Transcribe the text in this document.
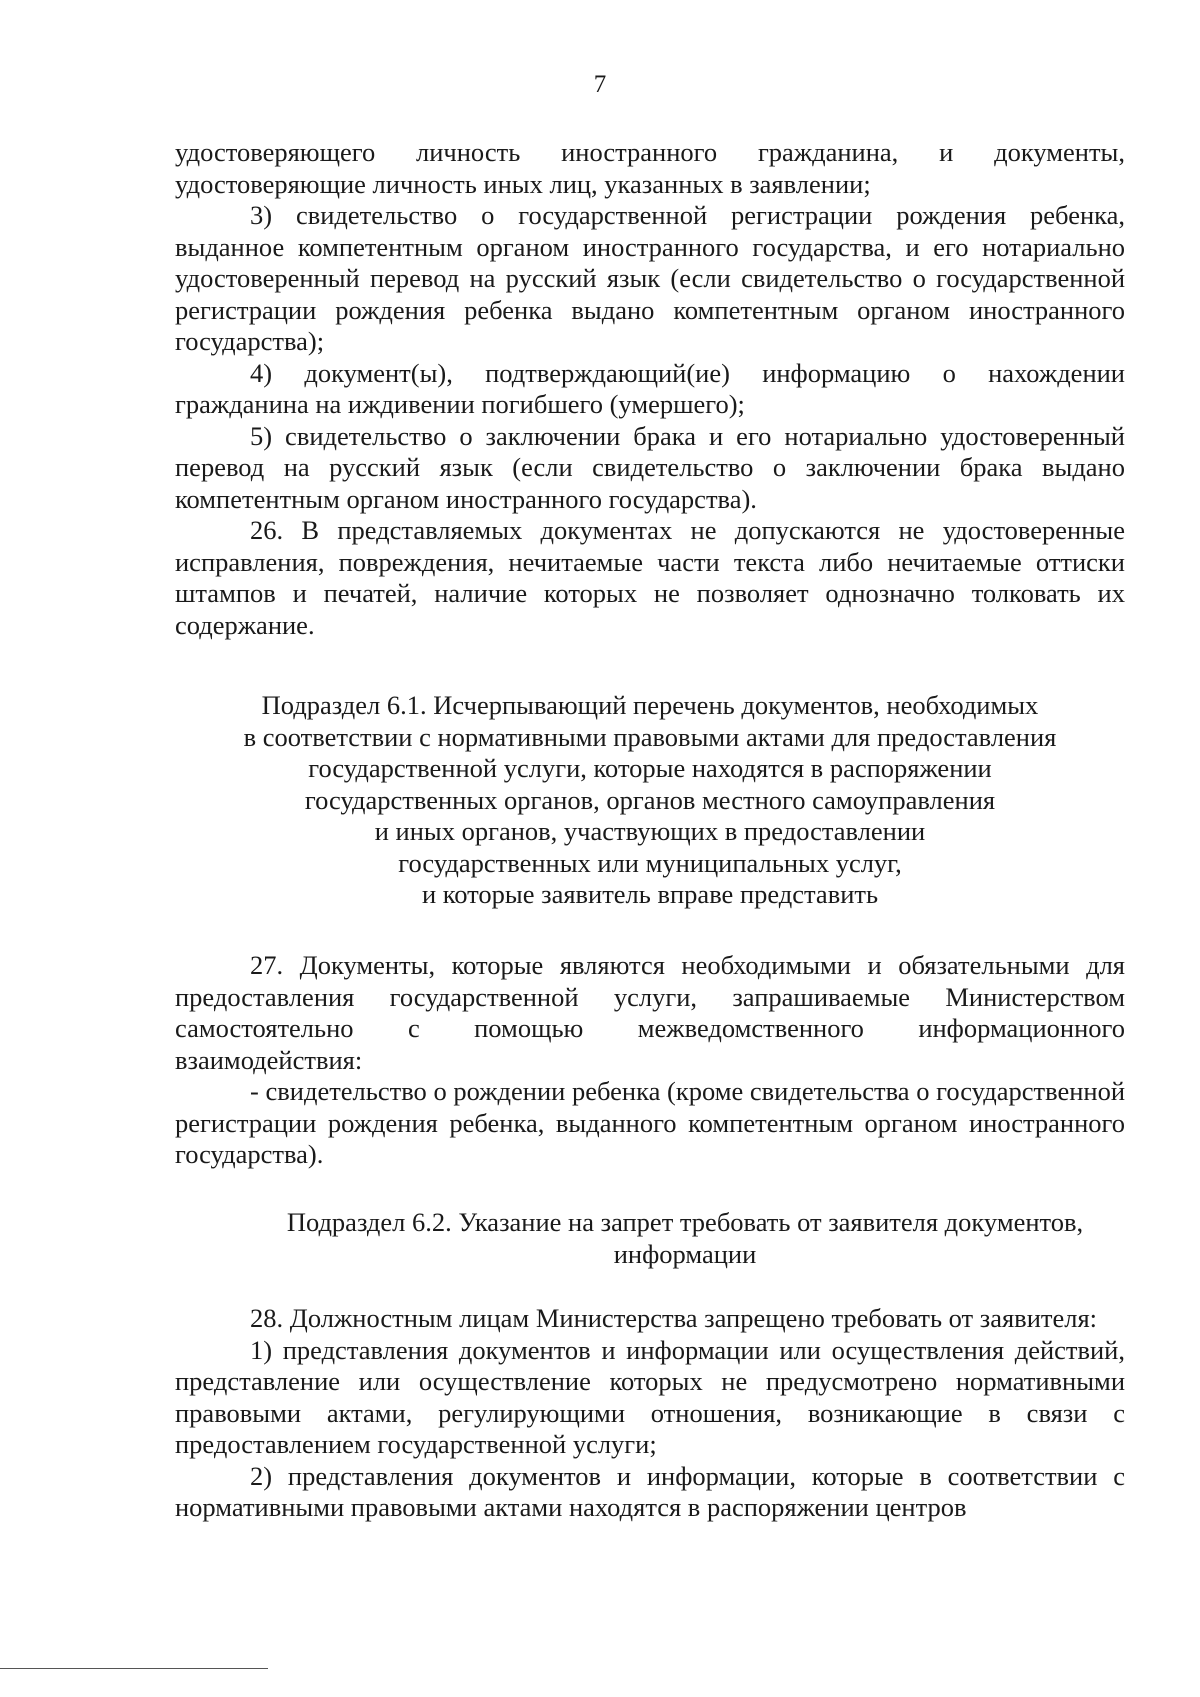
7

удостоверяющего личность иностранного гражданина, и документы, удостоверяющие личность иных лиц, указанных в заявлении;

3) свидетельство о государственной регистрации рождения ребенка, выданное компетентным органом иностранного государства, и его нотариально удостоверенный перевод на русский язык (если свидетельство о государственной регистрации рождения ребенка выдано компетентным органом иностранного государства);

4) документ(ы), подтверждающий(ие) информацию о нахождении гражданина на иждивении погибшего (умершего);

5) свидетельство о заключении брака и его нотариально удостоверенный перевод на русский язык (если свидетельство о заключении брака выдано компетентным органом иностранного государства).

26. В представляемых документах не допускаются не удостоверенные исправления, повреждения, нечитаемые части текста либо нечитаемые оттиски штампов и печатей, наличие которых не позволяет однозначно толковать их содержание.

Подраздел 6.1. Исчерпывающий перечень документов, необходимых
в соответствии с нормативными правовыми актами для предоставления
государственной услуги, которые находятся в распоряжении
государственных органов, органов местного самоуправления
и иных органов, участвующих в предоставлении
государственных или муниципальных услуг,
и которые заявитель вправе представить

27. Документы, которые являются необходимыми и обязательными для предоставления государственной услуги, запрашиваемые Министерством самостоятельно с помощью межведомственного информационного взаимодействия:

- свидетельство о рождении ребенка (кроме свидетельства о государственной регистрации рождения ребенка, выданного компетентным органом иностранного государства).

Подраздел 6.2. Указание на запрет требовать от заявителя документов,
информации

28. Должностным лицам Министерства запрещено требовать от заявителя:

1) представления документов и информации или осуществления действий, представление или осуществление которых не предусмотрено нормативными правовыми актами, регулирующими отношения, возникающие в связи с предоставлением государственной услуги;

2) представления документов и информации, которые в соответствии с нормативными правовыми актами находятся в распоряжении центров
